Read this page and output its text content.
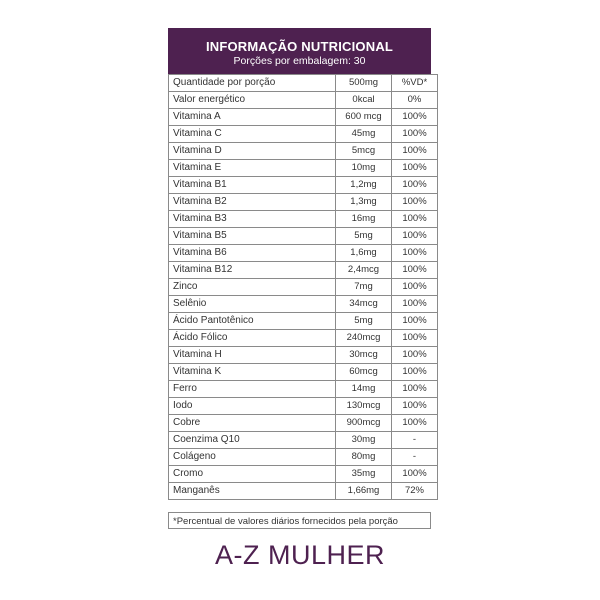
INFORMAÇÃO NUTRICIONAL
Porções por embalagem: 30
Quantidade por porção	500mg	%VD*
Valor energético	0kcal	0%
Vitamina A	600 mcg	100%
Vitamina C	45mg	100%
Vitamina D	5mcg	100%
Vitamina E	10mg	100%
Vitamina B1	1,2mg	100%
Vitamina B2	1,3mg	100%
Vitamina B3	16mg	100%
Vitamina B5	5mg	100%
Vitamina B6	1,6mg	100%
Vitamina B12	2,4mcg	100%
Zinco	7mg	100%
Selênio	34mcg	100%
Ácido Pantotênico	5mg	100%
Ácido Fólico	240mcg	100%
Vitamina H	30mcg	100%
Vitamina K	60mcg	100%
Ferro	14mg	100%
Iodo	130mcg	100%
Cobre	900mcg	100%
Coenzima Q10	30mg	-
Colágeno	80mg	-
Cromo	35mg	100%
Manganês	1,66mg	72%
*Percentual de valores diários fornecidos pela porção
A-Z MULHER
